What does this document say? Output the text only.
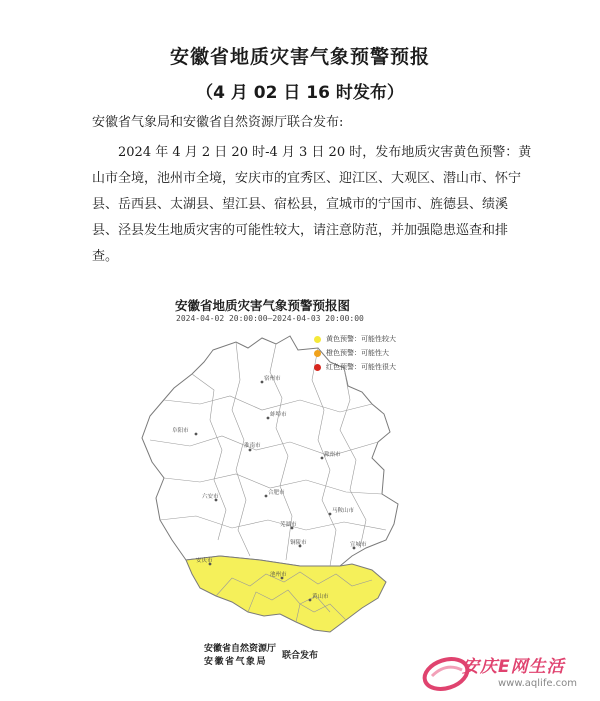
安徽省地质灾害气象预警预报
（4 月 02 日 16 时发布）
安徽省气象局和安徽省自然资源厅联合发布:
2024 年 4 月 2 日 20 时-4 月 3 日 20 时，发布地质灾害黄色预警：黄山市全境，池州市全境，安庆市的宜秀区、迎江区、大观区、潜山市、怀宁县、岳西县、太湖县、望江县、宿松县，宣城市的宁国市、旌德县、绩溪县、泾县发生地质灾害的可能性较大，请注意防范，并加强隐患巡查和排查。
宿州市
蚌埠市
阜阳市
淮南市
滁州市
六安市
合肥市
马鞍山市
芜湖市
铜陵市	宣城市
安庆市
池州市
黄山市
安徽省地质灾害气象预警预报图
2024-04-02 20:00:00—2024-04-03 20:00:00
黄色预警：可能性较大
橙色预警：可能性大
红色预警：可能性很大
安徽省自然资源厅
安徽省气象局
联合发布
安庆E网生活
www.aqlife.com
